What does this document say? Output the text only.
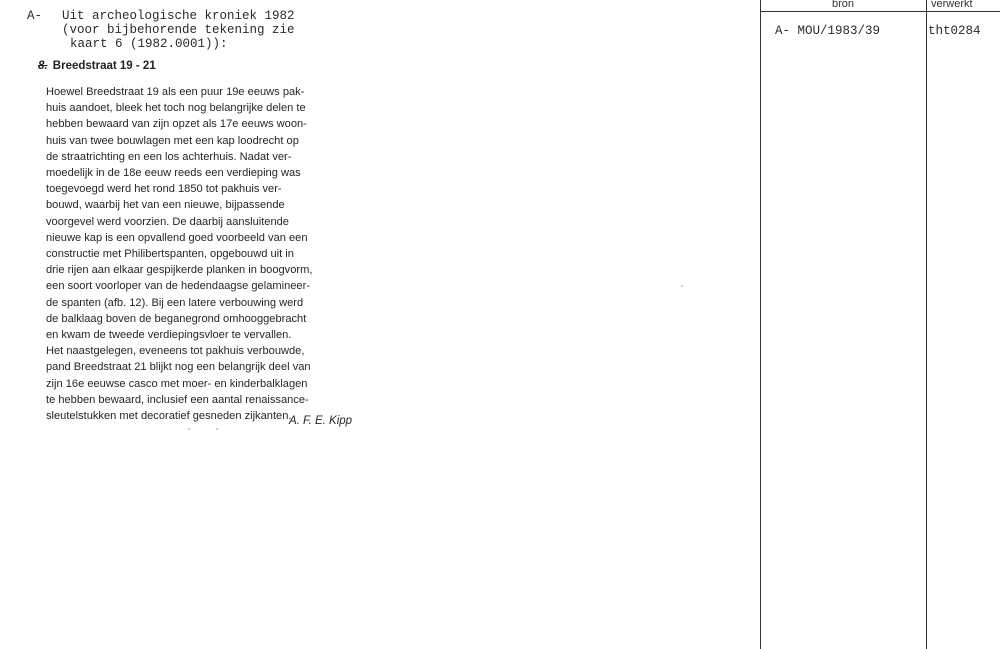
A- Uit archeologische kroniek 1982
(voor bijbehorende tekening zie
kaart 6 (1982.0001)):
8. Breedstraat 19 - 21
Hoewel Breedstraat 19 als een puur 19e eeuws pak-
huis aandoet, bleek het toch nog belangrijke delen te
hebben bewaard van zijn opzet als 17e eeuws woon-
huis van twee bouwlagen met een kap loodrecht op
de straatrichting en een los achterhuis. Nadat ver-
moedelijk in de 18e eeuw reeds een verdieping was
toegevoegd werd het rond 1850 tot pakhuis ver-
bouwd, waarbij het van een nieuwe, bijpassende
voorgevel werd voorzien. De daarbij aansluitende
nieuwe kap is een opvallend goed voorbeeld van een
constructie met Philibertspanten, opgebouwd uit in
drie rijen aan elkaar gespijkerde planken in boogvorm,
een soort voorloper van de hedendaagse gelamineer-
de spanten (afb. 12). Bij een latere verbouwing werd
de balklaag boven de beganegrond omhooggebracht
en kwam de tweede verdiepingsvloer te vervallen.
Het naastgelegen, eveneens tot pakhuis verbouwde,
pand Breedstraat 21 blijkt nog een belangrijk deel van
zijn 16e eeuwse casco met moer- en kinderbalklagen
te hebben bewaard, inclusief een aantal renaissance-
sleutelstukken met decoratief gesneden zijkanten.
A. F. E. Kipp
bron	verwerkt
A- MOU/1983/39	tht0284
